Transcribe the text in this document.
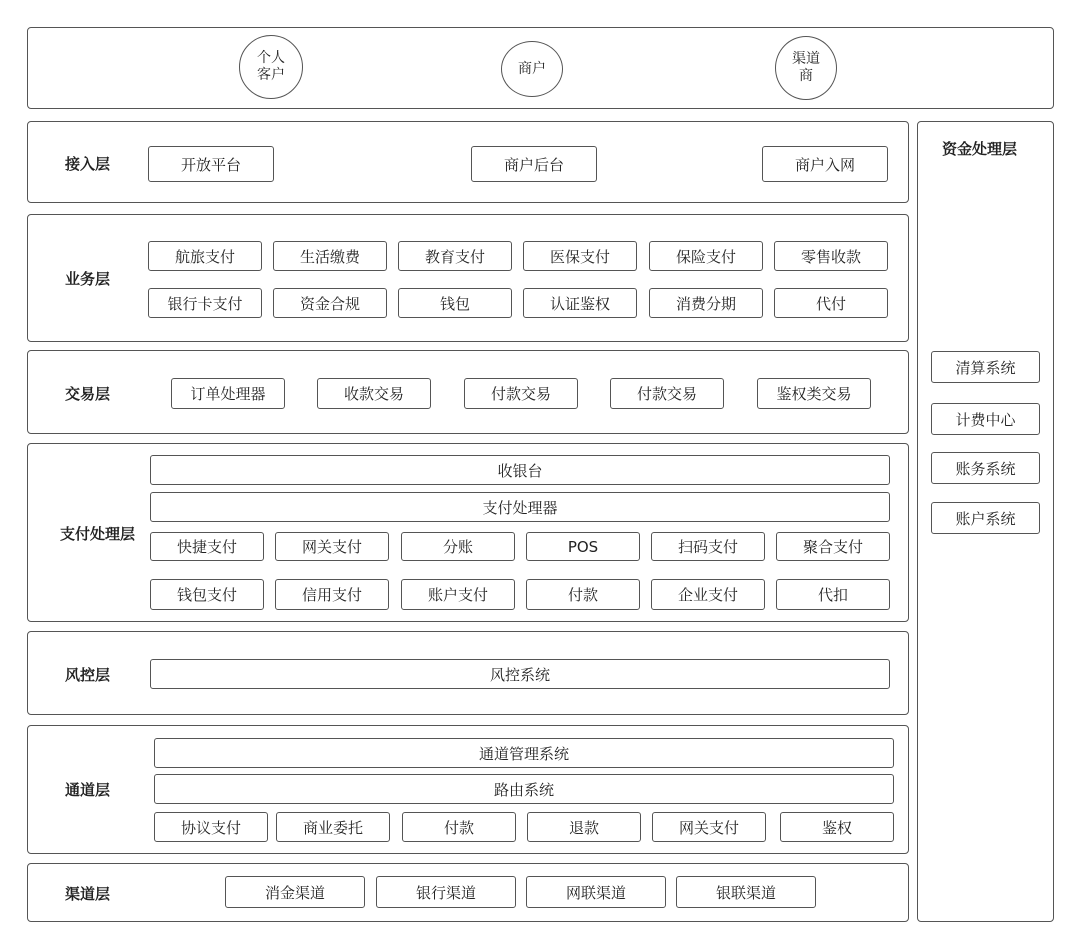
个人
客户	商户
渠道
商
接入层	开放平台	商户后台	商户入网
业务层
航旅支付	生活缴费	教育支付	医保支付	保险支付	零售收款
银行卡支付	资金合规	钱包	认证鉴权	消费分期	代付
交易层	订单处理器	收款交易	付款交易	付款交易	鉴权类交易
支付处理层
收银台
支付处理器
快捷支付	网关支付	分账	POS	扫码支付	聚合支付
钱包支付	信用支付	账户支付	付款	企业支付	代扣
风控层	风控系统
通道层
通道管理系统
路由系统
协议支付	商业委托	付款	退款	网关支付	鉴权
渠道层	消金渠道	银行渠道	网联渠道	银联渠道
资金处理层
清算系统
计费中心
账务系统
账户系统
